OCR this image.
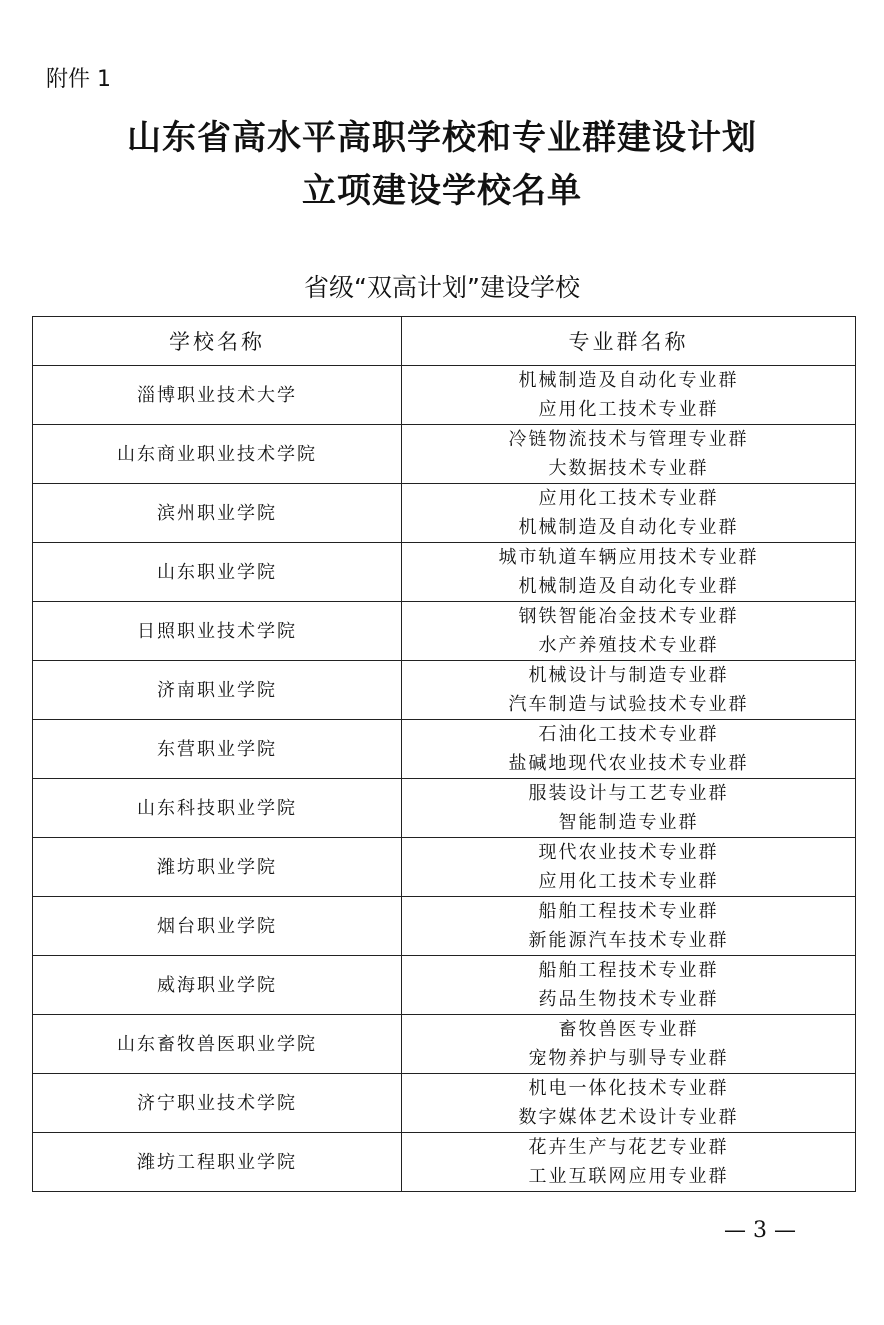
附件 1
山东省高水平高职学校和专业群建设计划
立项建设学校名单
省级“双高计划”建设学校
学校名称	专业群名称
淄博职业技术大学	机械制造及自动化专业群
应用化工技术专业群

山东商业职业技术学院	冷链物流技术与管理专业群
大数据技术专业群

滨州职业学院	应用化工技术专业群
机械制造及自动化专业群

山东职业学院	城市轨道车辆应用技术专业群
机械制造及自动化专业群

日照职业技术学院	钢铁智能冶金技术专业群
水产养殖技术专业群

济南职业学院	机械设计与制造专业群
汽车制造与试验技术专业群

东营职业学院	石油化工技术专业群
盐碱地现代农业技术专业群

山东科技职业学院	服装设计与工艺专业群
智能制造专业群

潍坊职业学院	现代农业技术专业群
应用化工技术专业群

烟台职业学院	船舶工程技术专业群
新能源汽车技术专业群

威海职业学院	船舶工程技术专业群
药品生物技术专业群

山东畜牧兽医职业学院	畜牧兽医专业群
宠物养护与驯导专业群

济宁职业技术学院	机电一体化技术专业群
数字媒体艺术设计专业群

潍坊工程职业学院	花卉生产与花艺专业群
工业互联网应用专业群
— 3 —
